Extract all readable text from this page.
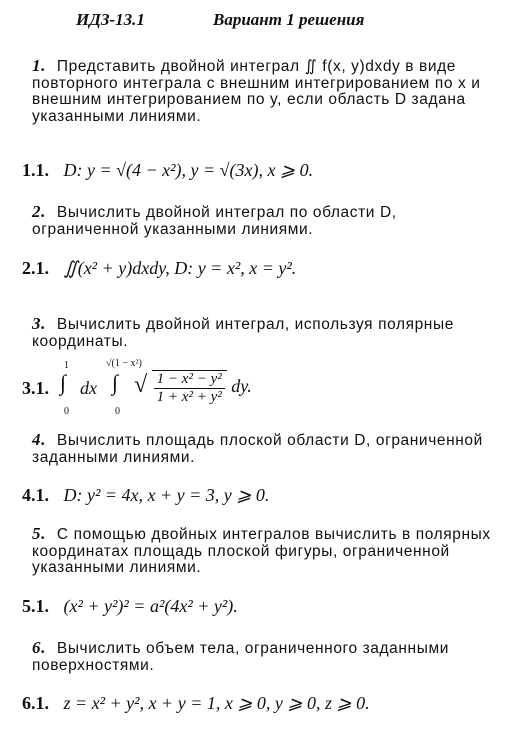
ИДЗ-13.1	Вариант 1 решения
1. Представить двойной интеграл ∬ f(x, y)dxdy в виде повторного интеграла с внешним интегрированием по x и внешним интегрированием по y, если область D задана указанными линиями.
1.1. D: y = √(4 − x²), y = √(3x), x ⩾ 0.
2. Вычислить двойной интеграл по области D, ограниченной указанными линиями.
2.1. ∬(x² + y)dxdy, D: y = x², x = y².
3. Вычислить двойной интеграл, используя полярные координаты.
3.1. ∫
1
0
dx ∫
√(1 − x²)
0
√ $\frac{\text{1 − x² − y²}}{\text{1 + x² + y²}}$ dy.
4. Вычислить площадь плоской области D, ограниченной заданными линиями.
4.1. D: y² = 4x, x + y = 3, y ⩾ 0.
5. С помощью двойных интегралов вычислить в полярных координатах площадь плоской фигуры, ограниченной указанными линиями.
5.1. (x² + y²)² = a²(4x² + y²).
6. Вычислить объем тела, ограниченного заданными поверхностями.
6.1. z = x² + y², x + y = 1, x ⩾ 0, y ⩾ 0, z ⩾ 0.
